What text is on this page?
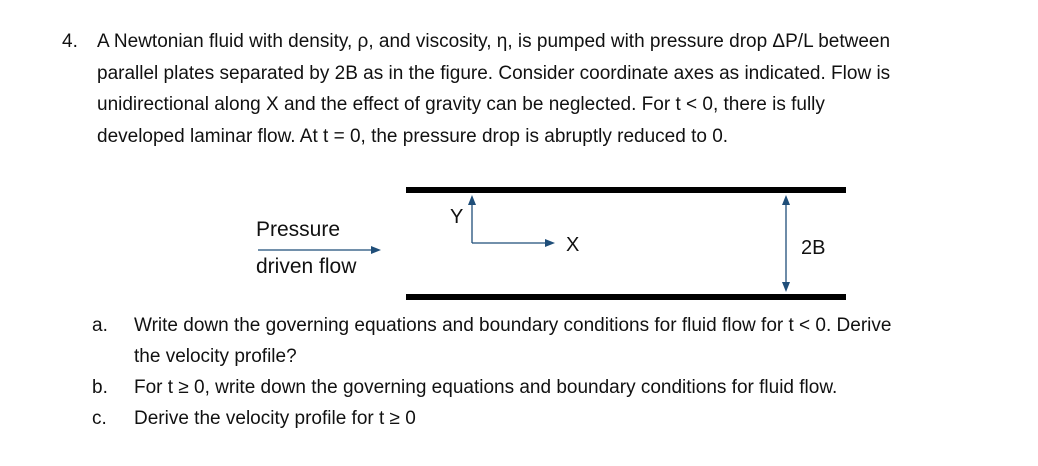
4. A Newtonian fluid with density, ρ, and viscosity, η, is pumped with pressure drop ΔP/L between
parallel plates separated by 2B as in the figure. Consider coordinate axes as indicated. Flow is
unidirectional along X and the effect of gravity can be neglected. For t < 0, there is fully
developed laminar flow. At t = 0, the pressure drop is abruptly reduced to 0.
Pressure
driven flow
Y
X	2B
a.	Write down the governing equations and boundary conditions for fluid flow for t < 0. Derive
the velocity profile?
b.	For t ≥ 0, write down the governing equations and boundary conditions for fluid flow.
c.	Derive the velocity profile for t ≥ 0
